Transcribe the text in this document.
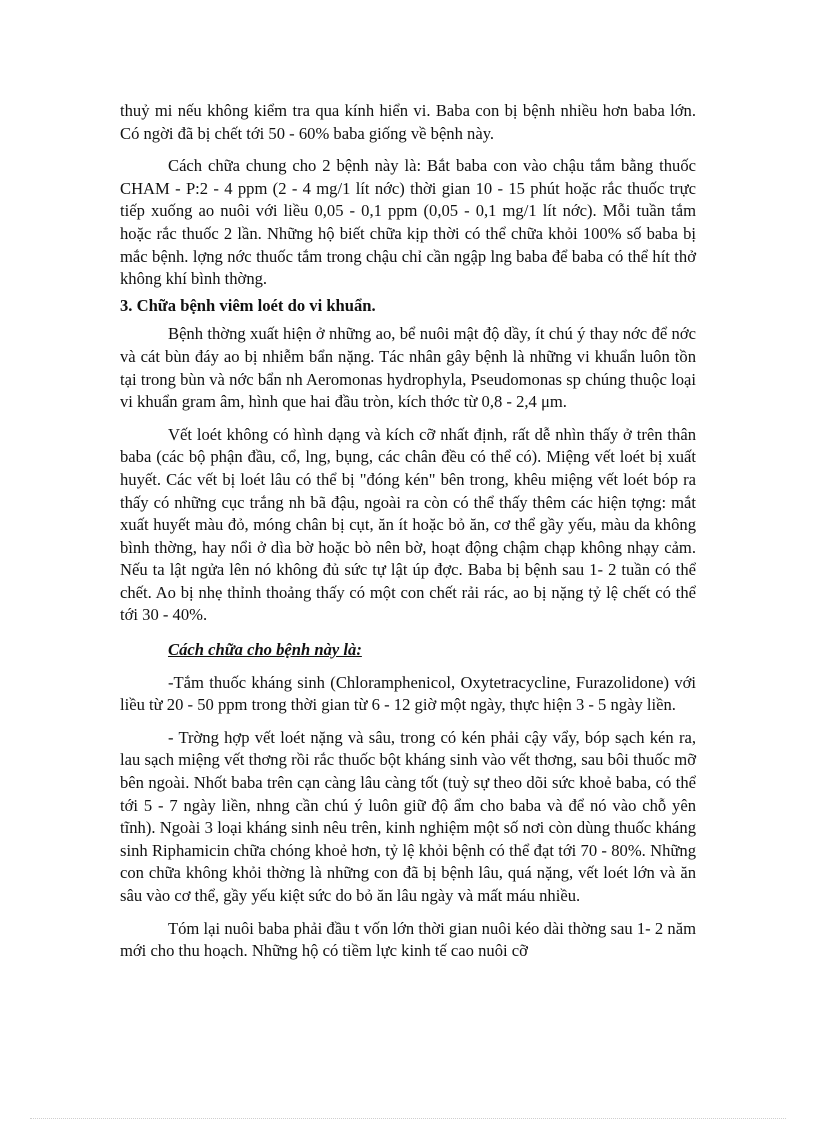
thuỷ mi nếu không kiểm tra qua kính hiển vi. Baba con bị bệnh nhiều hơn baba lớn. Có ngời đã bị chết tới 50 - 60% baba giống về bệnh này.

Cách chữa chung cho 2 bệnh này là: Bắt baba con vào chậu tắm bằng thuốc CHAM - P:2 - 4 ppm (2 - 4 mg/1 lít nớc) thời gian 10 - 15 phút hoặc rắc thuốc trực tiếp xuống ao nuôi với liều 0,05 - 0,1 ppm (0,05 - 0,1 mg/1 lít nớc). Mỗi tuần tắm hoặc rắc thuốc 2 lần. Những hộ biết chữa kịp thời có thể chữa khỏi 100% số baba bị mắc bệnh. lợng nớc thuốc tắm trong chậu chỉ cần ngập lng baba để baba có thể hít thở không khí bình thờng.

3. Chữa bệnh viêm loét do vi khuẩn.

Bệnh thờng xuất hiện ở những ao, bể nuôi mật độ dầy, ít chú ý thay nớc để nớc và cát bùn đáy ao bị nhiễm bẩn nặng. Tác nhân gây bệnh là những vi khuẩn luôn tồn tại trong bùn và nớc bẩn nh Aeromonas hydrophyla, Pseudomonas sp chúng thuộc loại vi khuẩn gram âm, hình que hai đầu tròn, kích thớc từ 0,8 - 2,4 μm.

Vết loét không có hình dạng và kích cỡ nhất định, rất dễ nhìn thấy ở trên thân baba (các bộ phận đầu, cổ, lng, bụng, các chân đều có thể có). Miệng vết loét bị xuất huyết. Các vết bị loét lâu có thể bị "đóng kén" bên trong, khêu miệng vết loét bóp ra thấy có những cục trắng nh bã đậu, ngoài ra còn có thể thấy thêm các hiện tợng: mắt xuất huyết màu đỏ, móng chân bị cụt, ăn ít hoặc bỏ ăn, cơ thể gầy yếu, màu da không bình thờng, hay nổi ở dìa bờ hoặc bò nên bờ, hoạt động chậm chạp không nhạy cảm. Nếu ta lật ngửa lên nó không đủ sức tự lật úp đợc. Baba bị bệnh sau 1- 2 tuần có thể chết. Ao bị nhẹ thỉnh thoảng thấy có một con chết rải rác, ao bị nặng tỷ lệ chết có thể tới 30 - 40%.

Cách chữa cho bệnh này là:

-Tắm thuốc kháng sinh (Chloramphenicol, Oxytetracycline, Furazolidone) với liều từ 20 - 50 ppm trong thời gian từ 6 - 12 giờ một ngày, thực hiện 3 - 5 ngày liền.

- Trờng hợp vết loét nặng và sâu, trong có kén phải cậy vẩy, bóp sạch kén ra, lau sạch miệng vết thơng rồi rắc thuốc bột kháng sinh vào vết thơng, sau bôi thuốc mỡ bên ngoài. Nhốt baba trên cạn càng lâu càng tốt (tuỳ sự theo dõi sức khoẻ baba, có thể tới 5 - 7 ngày liền, nhng cần chú ý luôn giữ độ ẩm cho baba và để nó vào chỗ yên tĩnh). Ngoài 3 loại kháng sinh nêu trên, kinh nghiệm một số nơi còn dùng thuốc kháng sinh Riphamicin chữa chóng khoẻ hơn, tỷ lệ khỏi bệnh có thể đạt tới 70 - 80%. Những con chữa không khỏi thờng là những con đã bị bệnh lâu, quá nặng, vết loét lớn và ăn sâu vào cơ thể, gầy yếu kiệt sức do bỏ ăn lâu ngày và mất máu nhiều.

Tóm lại nuôi baba phải đầu t vốn lớn thời gian nuôi kéo dài thờng sau 1- 2 năm mới cho thu hoạch. Những hộ có tiềm lực kinh tế cao nuôi cỡ
